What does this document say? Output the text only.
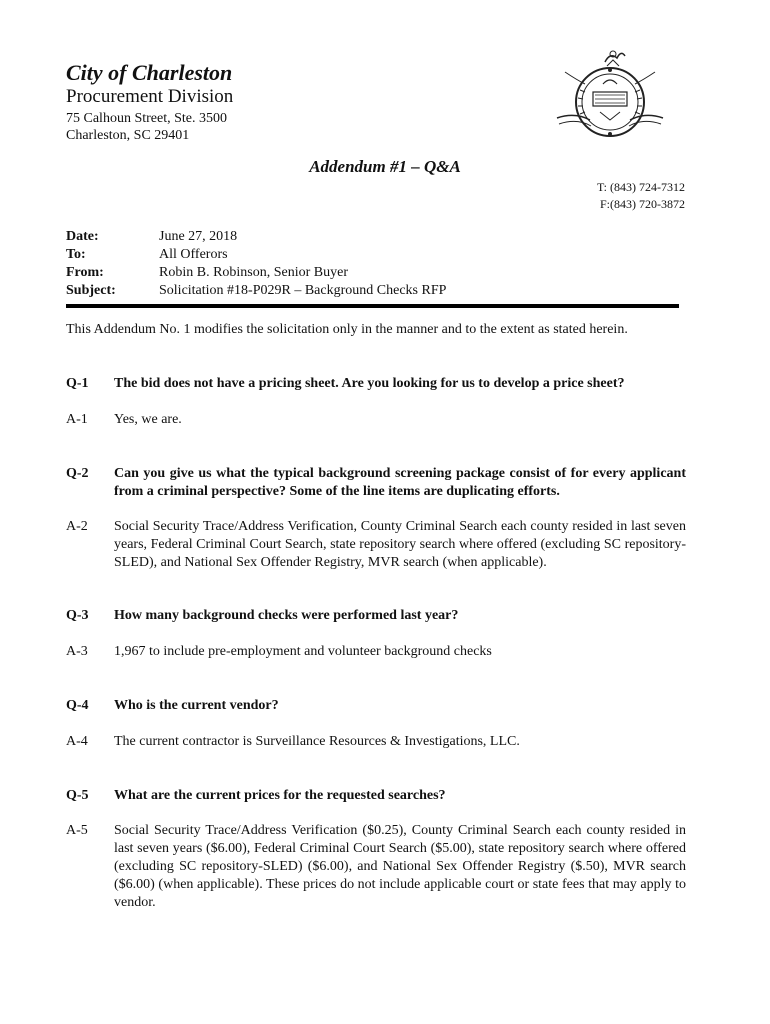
City of Charleston
Procurement Division
75 Calhoun Street, Ste. 3500
Charleston, SC 29401
Addendum #1 – Q&A
T: (843) 724-7312
F:(843) 720-3872
Date:	June 27, 2018
To:	All Offerors
From:	Robin B. Robinson, Senior Buyer
Subject:	Solicitation #18-P029R – Background Checks RFP
This Addendum No. 1 modifies the solicitation only in the manner and to the extent as stated herein.
Q-1	The bid does not have a pricing sheet. Are you looking for us to develop a price sheet?
A-1	Yes, we are.
Q-2	Can you give us what the typical background screening package consist of for every applicant from a criminal perspective? Some of the line items are duplicating efforts.
A-2	Social Security Trace/Address Verification, County Criminal Search each county resided in last seven years, Federal Criminal Court Search, state repository search where offered (excluding SC repository-SLED), and National Sex Offender Registry, MVR search (when applicable).
Q-3	How many background checks were performed last year?
A-3	1,967 to include pre-employment and volunteer background checks
Q-4	Who is the current vendor?
A-4	The current contractor is Surveillance Resources & Investigations, LLC.
Q-5	What are the current prices for the requested searches?
A-5	Social Security Trace/Address Verification ($0.25), County Criminal Search each county resided in last seven years ($6.00), Federal Criminal Court Search ($5.00), state repository search where offered (excluding SC repository-SLED) ($6.00), and National Sex Offender Registry ($.50), MVR search ($6.00) (when applicable). These prices do not include applicable court or state fees that may apply to vendor.
